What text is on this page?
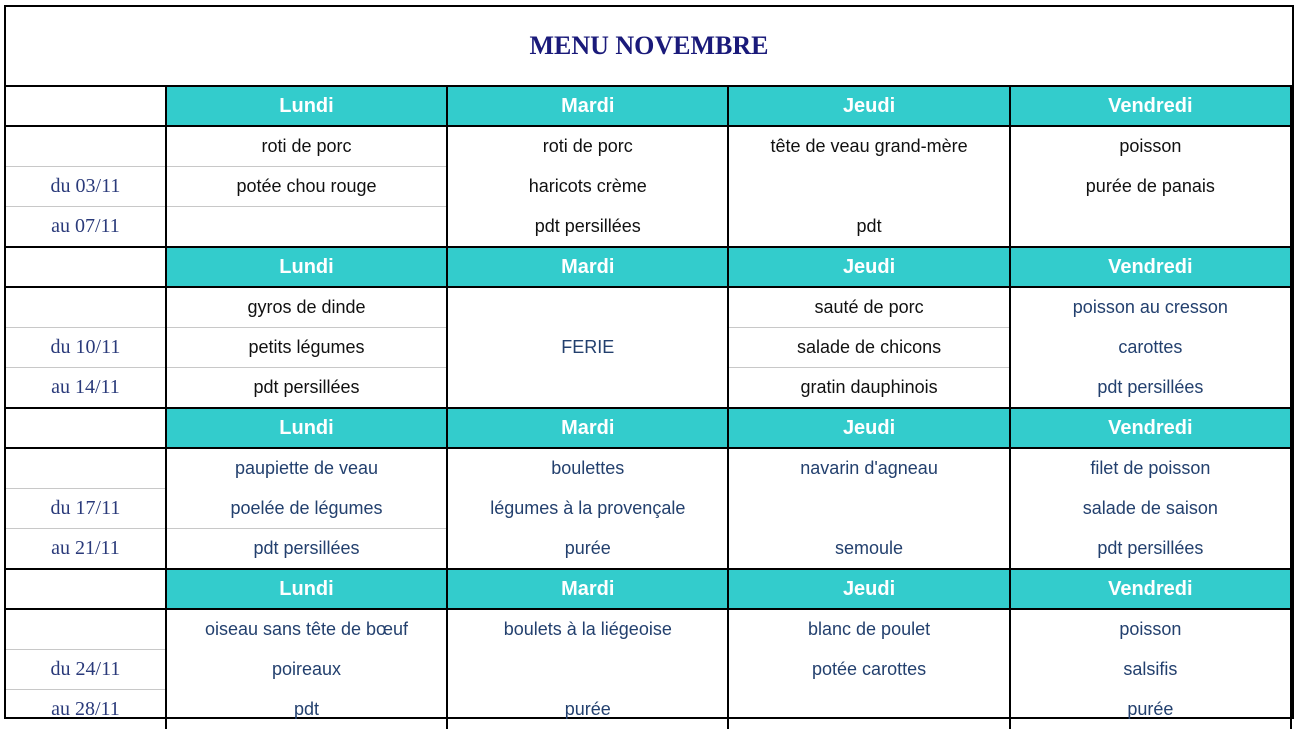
MENU NOVEMBRE
	Lundi	Mardi	Jeudi	Vendredi
	roti de porc	roti de porc	tête de veau grand-mère	poisson
du 03/11	potée chou rouge	haricots crème		purée de panais
au 07/11		pdt persillées	pdt	
	Lundi	Mardi	Jeudi	Vendredi
	gyros de dinde		sauté de porc	poisson au cresson
du 10/11	petits légumes	FERIE	salade de chicons	carottes
au 14/11	pdt persillées		gratin dauphinois	pdt persillées
	Lundi	Mardi	Jeudi	Vendredi
	paupiette de veau	boulettes	navarin d'agneau	filet de poisson
du 17/11	poelée de légumes	légumes à la provençale		salade de saison
au 21/11	pdt persillées	purée	semoule	pdt persillées
	Lundi	Mardi	Jeudi	Vendredi
	oiseau sans tête de bœuf	boulets à la liégeoise	blanc de poulet	poisson
du 24/11	poireaux		potée carottes	salsifis
au 28/11	pdt	purée		purée
